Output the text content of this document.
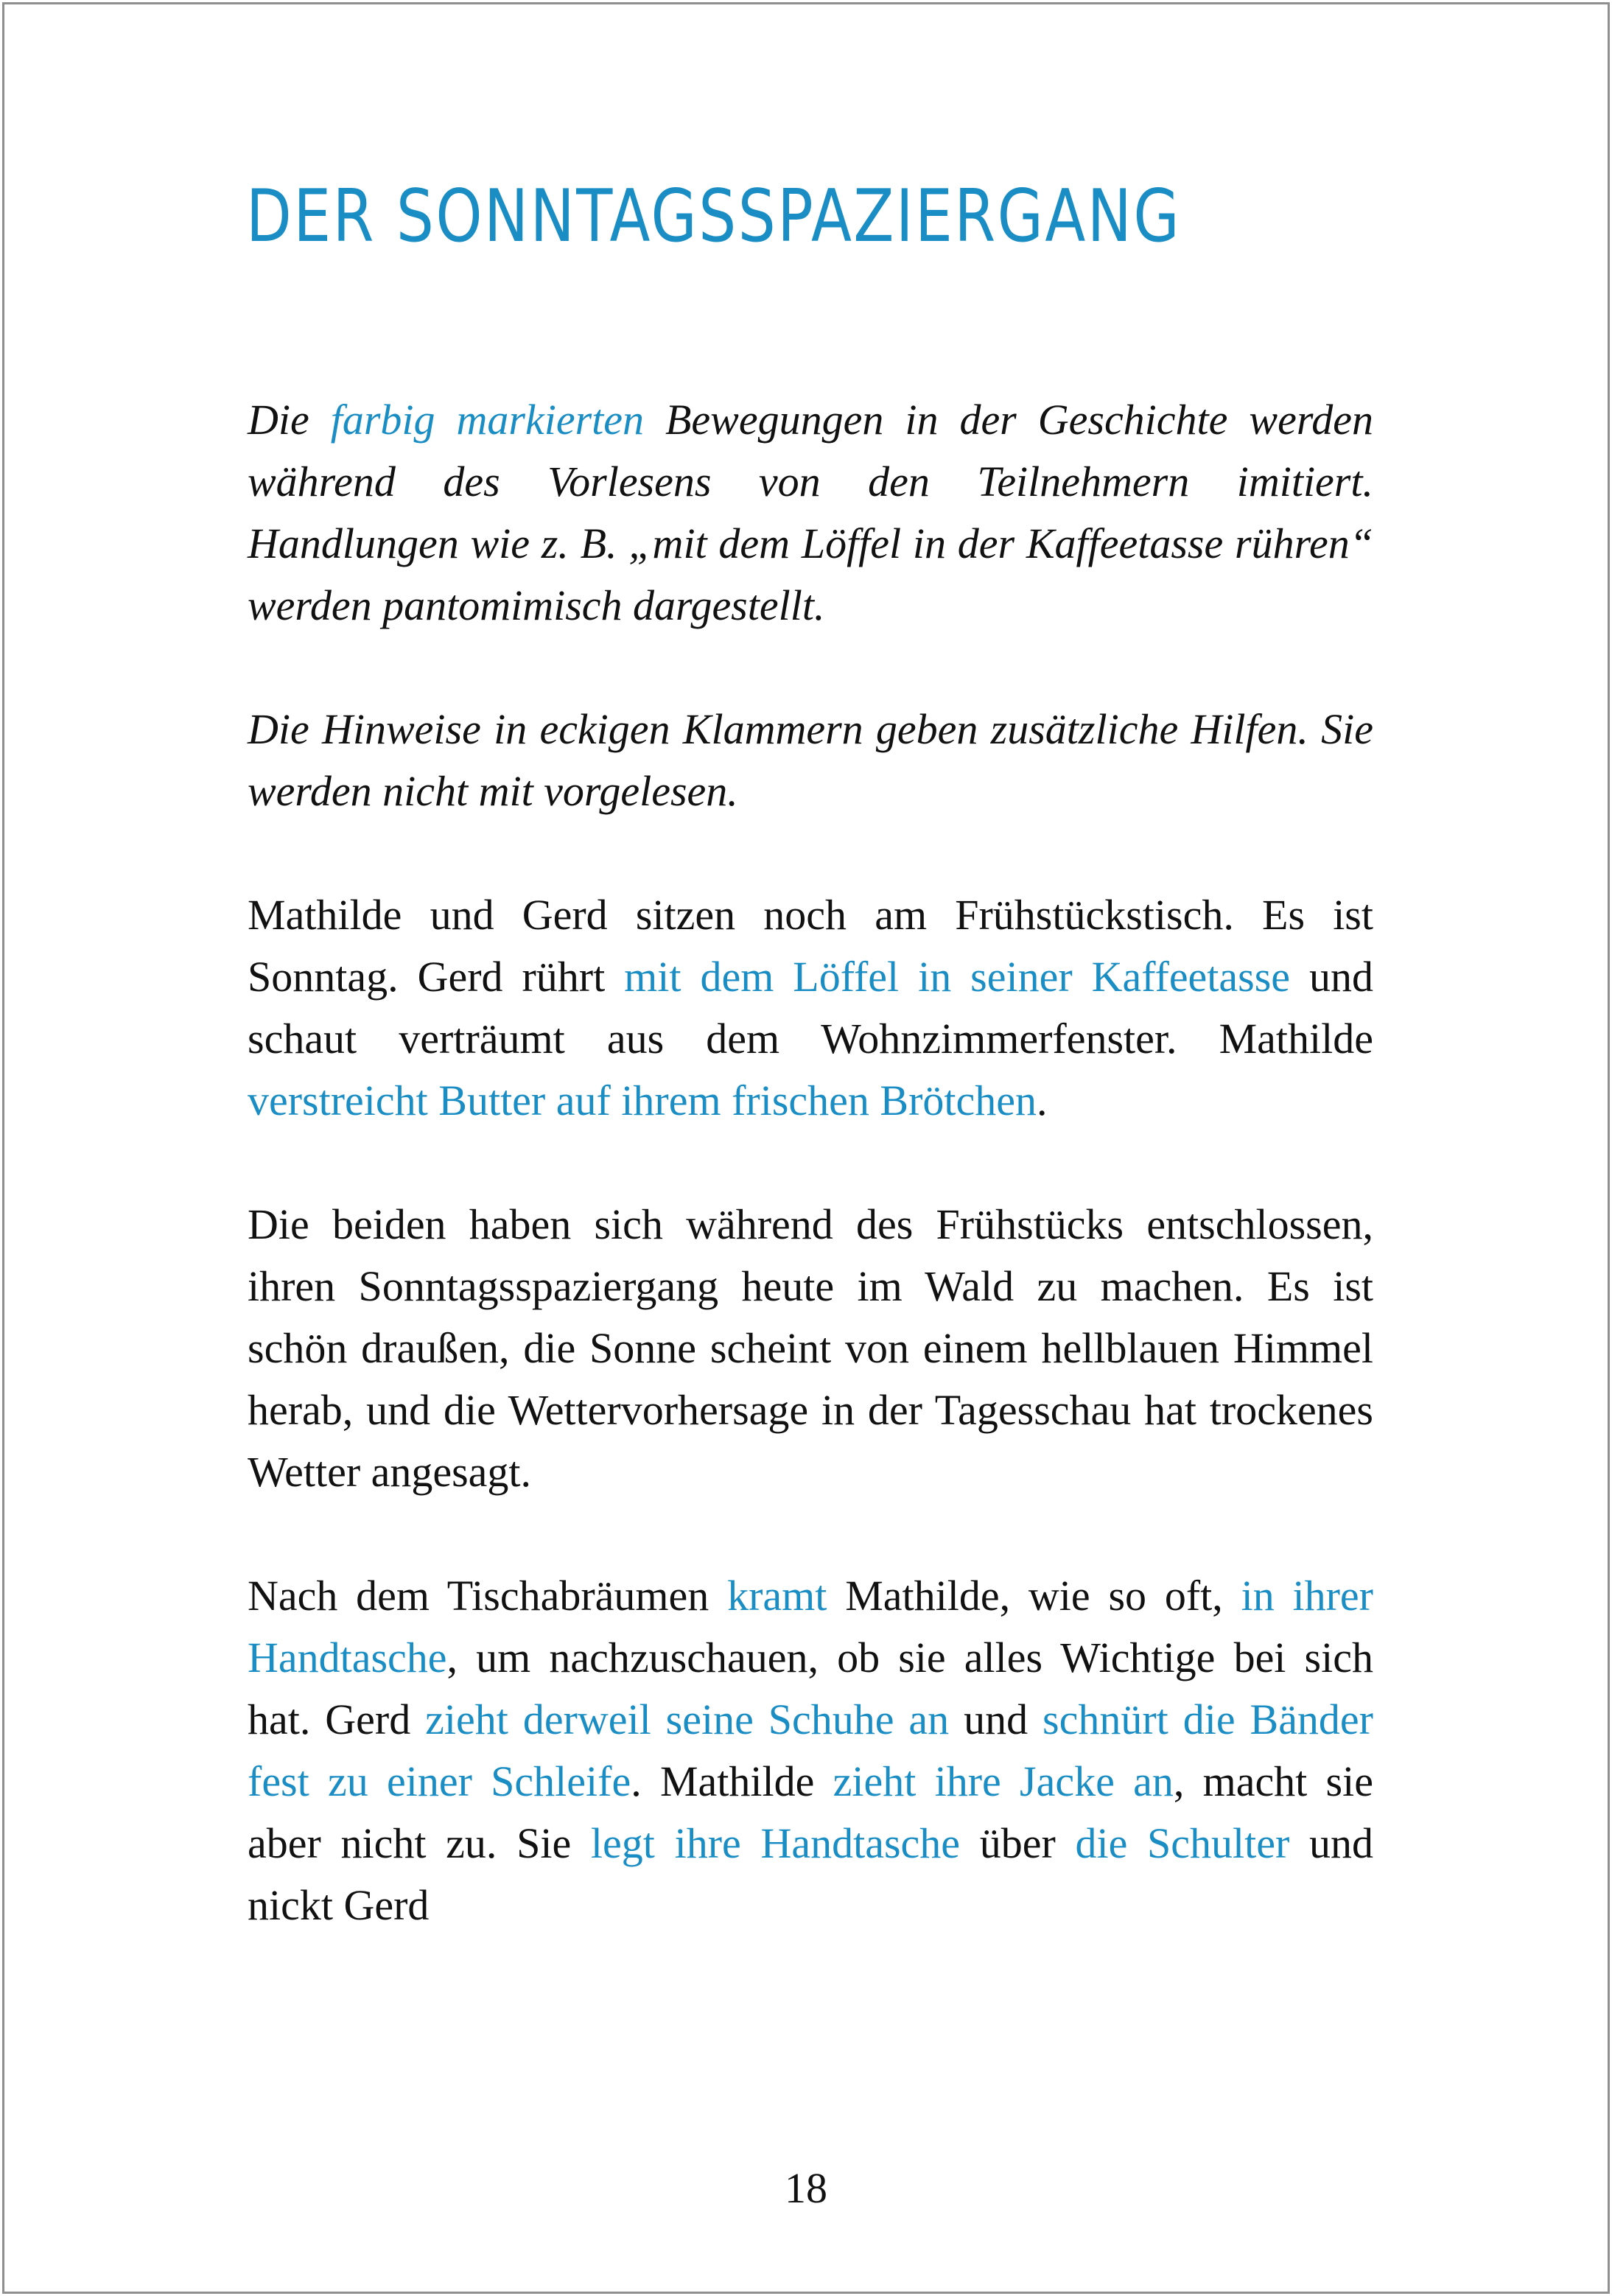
DER SONNTAGSSPAZIERGANG

Die farbig markierten Bewegungen in der Geschichte werden während des Vorlesens von den Teilnehmern imitiert. Handlungen wie z. B. „mit dem Löffel in der Kaffeetasse rühren“ werden pantomimisch dargestellt.

Die Hinweise in eckigen Klammern geben zusätzliche Hilfen. Sie werden nicht mit vorgelesen.

Mathilde und Gerd sitzen noch am Frühstückstisch. Es ist Sonntag. Gerd rührt mit dem Löffel in seiner Kaffeetasse und schaut verträumt aus dem Wohnzimmerfenster. Mathilde verstreicht Butter auf ihrem frischen Brötchen.

Die beiden haben sich während des Frühstücks entschlossen, ihren Sonntagsspaziergang heute im Wald zu machen. Es ist schön draußen, die Sonne scheint von einem hellblauen Himmel herab, und die Wettervorhersage in der Tagesschau hat trockenes Wetter angesagt.

Nach dem Tischabräumen kramt Mathilde, wie so oft, in ihrer Handtasche, um nachzuschauen, ob sie alles Wichtige bei sich hat. Gerd zieht derweil seine Schuhe an und schnürt die Bänder fest zu einer Schleife. Mathilde zieht ihre Jacke an, macht sie aber nicht zu. Sie legt ihre Handtasche über die Schulter und nickt Gerd

18
